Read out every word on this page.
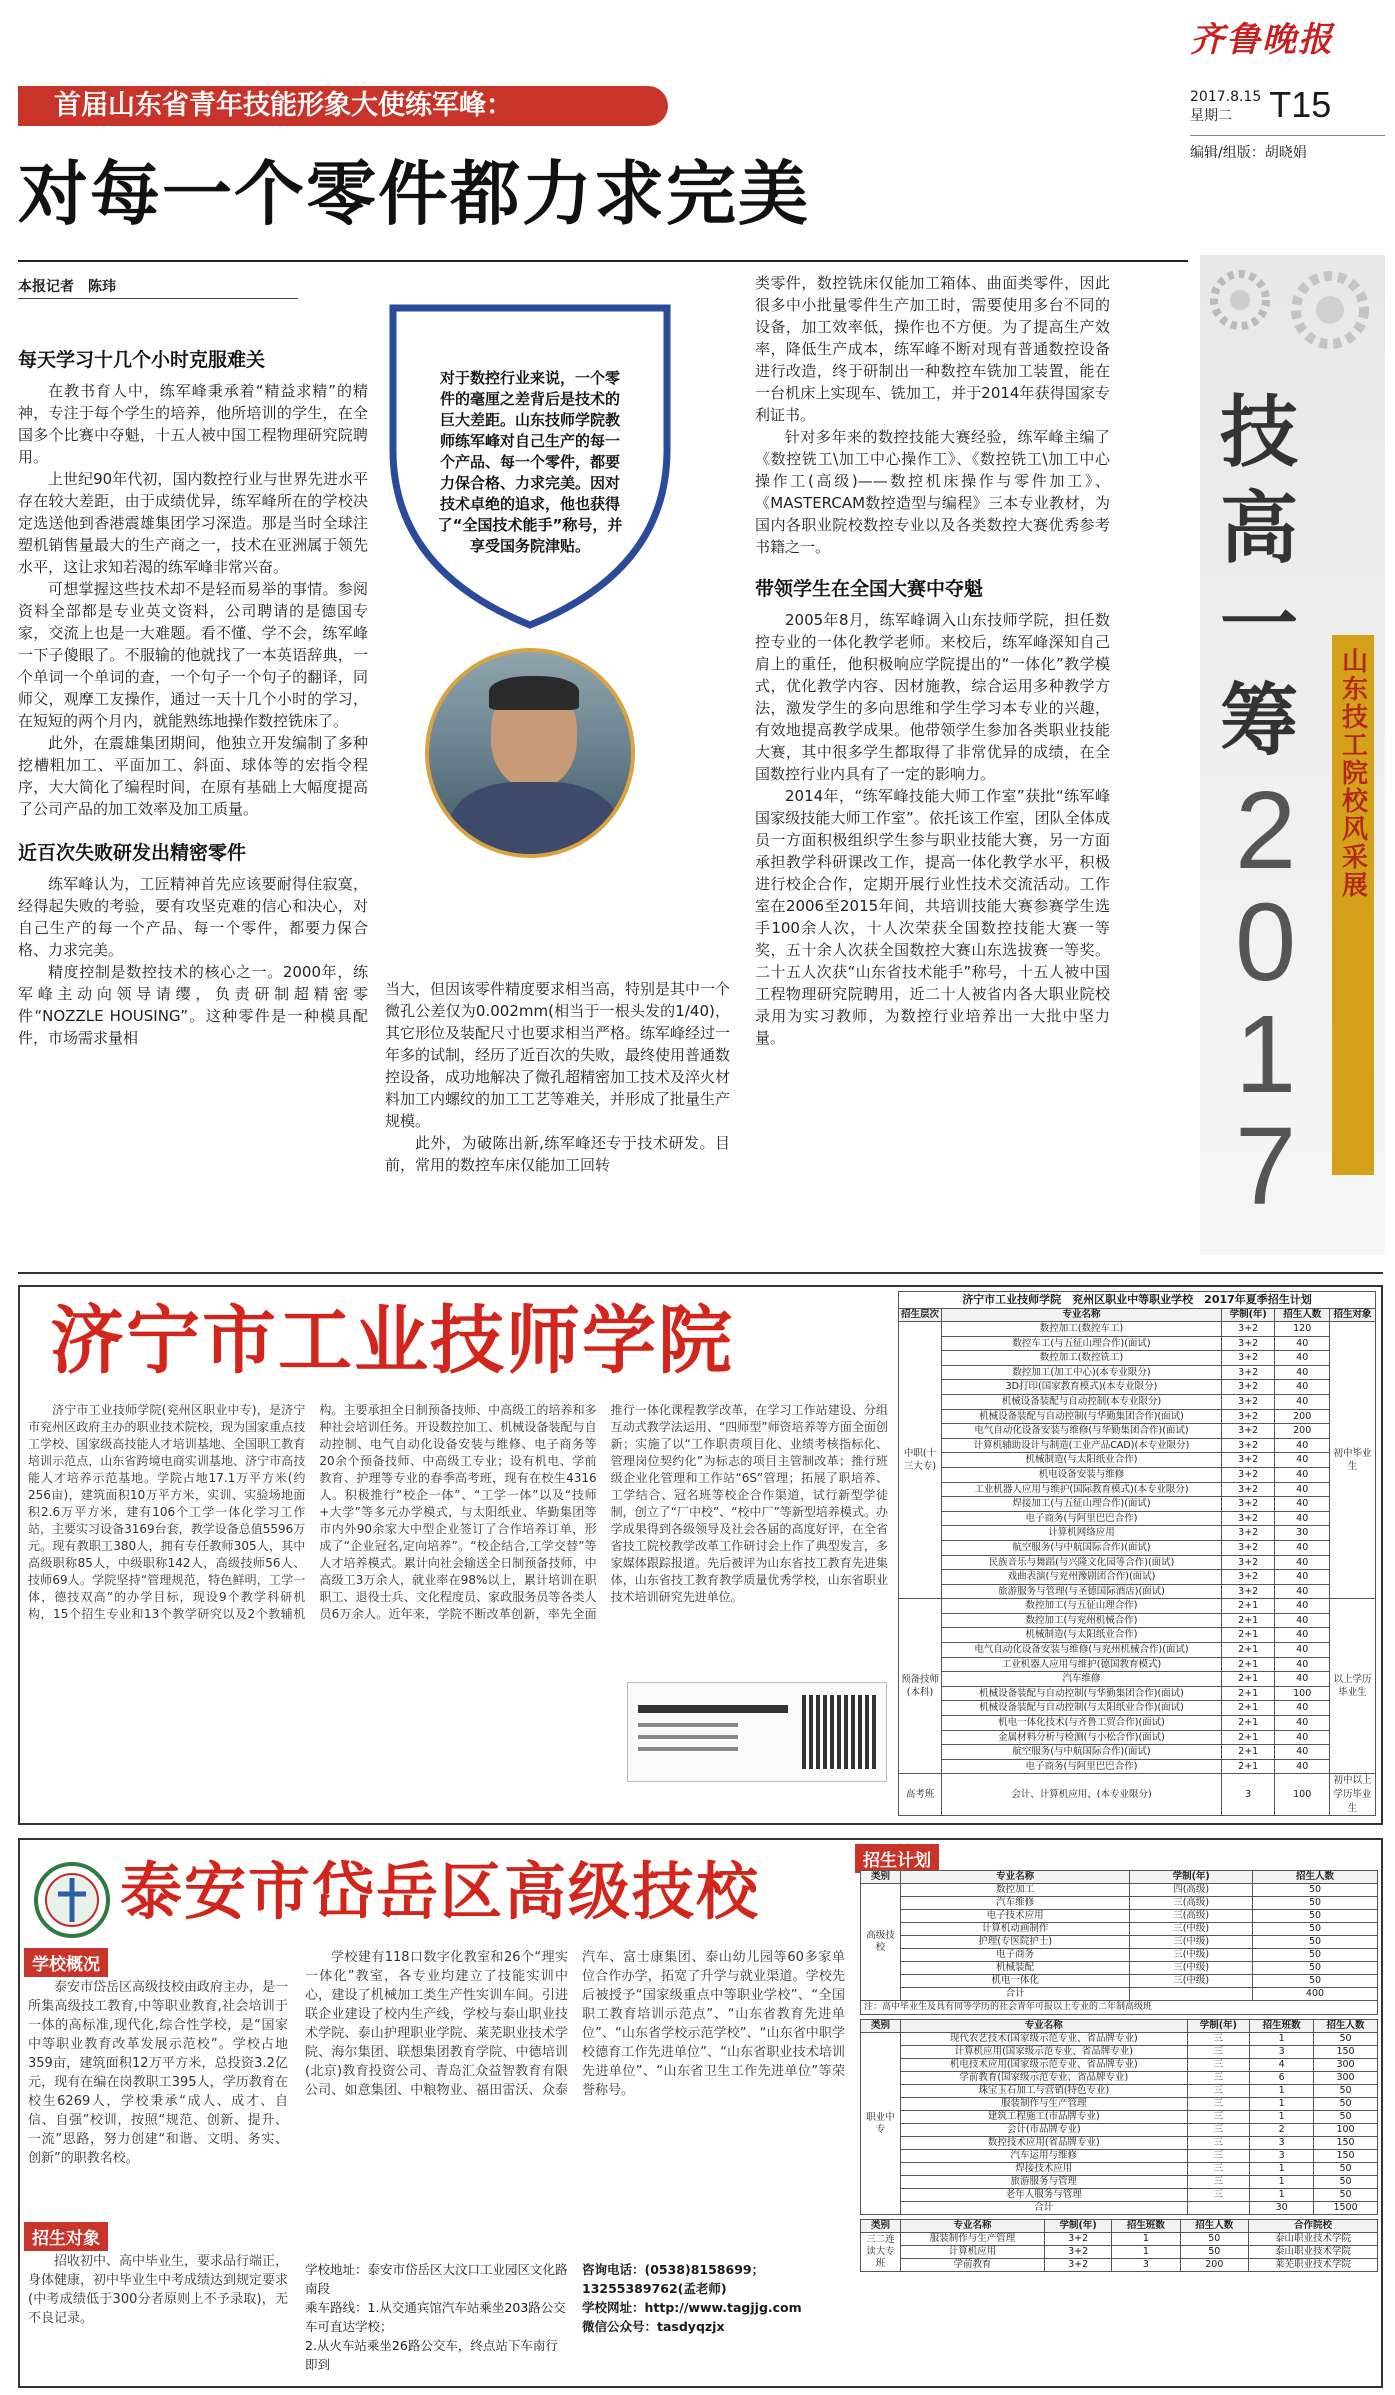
齐鲁晚报
2017.8.15
星期二	T15
编辑/组版：胡晓娟
首届山东省青年技能形象大使练军峰：
对每一个零件都力求完美
本报记者　陈玮
每天学习十几个小时克服难关

在教书育人中，练军峰秉承着“精益求精”的精神，专注于每个学生的培养，他所培训的学生，在全国多个比赛中夺魁，十五人被中国工程物理研究院聘用。

上世纪90年代初，国内数控行业与世界先进水平存在较大差距，由于成绩优异，练军峰所在的学校决定选送他到香港震雄集团学习深造。那是当时全球注塑机销售量最大的生产商之一，技术在亚洲属于领先水平，这让求知若渴的练军峰非常兴奋。

可想掌握这些技术却不是轻而易举的事情。参阅资料全部都是专业英文资料，公司聘请的是德国专家，交流上也是一大难题。看不懂、学不会，练军峰一下子傻眼了。不服输的他就找了一本英语辞典，一个单词一个单词的查，一个句子一个句子的翻译，同师父，观摩工友操作，通过一天十几个小时的学习，在短短的两个月内，就能熟练地操作数控铣床了。

此外，在震雄集团期间，他独立开发编制了多种挖槽粗加工、平面加工、斜面、球体等的宏指令程序，大大简化了编程时间，在原有基础上大幅度提高了公司产品的加工效率及加工质量。

近百次失败研发出精密零件

练军峰认为，工匠精神首先应该要耐得住寂寞，经得起失败的考验，要有攻坚克难的信心和决心，对自己生产的每一个产品、每一个零件，都要力保合格、力求完美。

精度控制是数控技术的核心之一。2000年，练军峰主动向领导请缨，负责研制超精密零件“NOZZLE HOUSING”。这种零件是一种模具配件，市场需求量相

对于数控行业来说，一个零件的毫厘之差背后是技术的巨大差距。山东技师学院教师练军峰对自己生产的每一个产品、每一个零件，都要力保合格、力求完美。因对技术卓绝的追求，他也获得了“全国技术能手”称号，并享受国务院津贴。

当大，但因该零件精度要求相当高，特别是其中一个微孔公差仅为0.002mm(相当于一根头发的1/40)，其它形位及装配尺寸也要求相当严格。练军峰经过一年多的试制，经历了近百次的失败，最终使用普通数控设备，成功地解决了微孔超精密加工技术及淬火材料加工内螺纹的加工工艺等难关，并形成了批量生产规模。

此外，为破陈出新,练军峰还专于技术研发。目前，常用的数控车床仅能加工回转

类零件，数控铣床仅能加工箱体、曲面类零件，因此很多中小批量零件生产加工时，需要使用多台不同的设备，加工效率低，操作也不方便。为了提高生产效率，降低生产成本，练军峰不断对现有普通数控设备进行改造，终于研制出一种数控车铣加工装置，能在一台机床上实现车、铣加工，并于2014年获得国家专利证书。

针对多年来的数控技能大赛经验，练军峰主编了《数控铣工\加工中心操作工》、《数控铣工\加工中心操作工(高级)——数控机床操作与零件加工》、《MASTERCAM数控造型与编程》三本专业教材，为国内各职业院校数控专业以及各类数控大赛优秀参考书籍之一。

带领学生在全国大赛中夺魁

2005年8月，练军峰调入山东技师学院，担任数控专业的一体化教学老师。来校后，练军峰深知自己肩上的重任，他积极响应学院提出的“一体化”教学模式，优化教学内容、因材施教，综合运用多种教学方法，激发学生的多向思维和学生学习本专业的兴趣，有效地提高教学成果。他带领学生参加各类职业技能大赛，其中很多学生都取得了非常优异的成绩，在全国数控行业内具有了一定的影响力。

2014年，“练军峰技能大师工作室”获批“练军峰国家级技能大师工作室”。依托该工作室，团队全体成员一方面积极组织学生参与职业技能大赛，另一方面承担教学科研课改工作，提高一体化教学水平，积极进行校企合作，定期开展行业性技术交流活动。工作室在2006至2015年间，共培训技能大赛参赛学生选手100余人次，十人次荣获全国数控技能大赛一等奖，五十余人次获全国数控大赛山东选拔赛一等奖。二十五人次获“山东省技术能手”称号，十五人被中国工程物理研究院聘用，近二十人被省内各大职业院校录用为实习教师，为数控行业培养出一大批中坚力量。

技高一筹
2017
山东技工院校风采展
济宁市工业技师学院

济宁市工业技师学院(兖州区职业中专)，是济宁市兖州区政府主办的职业技术院校，现为国家重点技工学校、国家级高技能人才培训基地、全国职工教育培训示范点，山东省跨境电商实训基地、济宁市高技能人才培养示范基地。学院占地17.1万平方米(约256亩)，建筑面积10万平方米，实训、实验场地面积2.6万平方米，建有106个工学一体化学习工作站，主要实习设备3169台套，教学设备总值5596万元。现有教职工380人，拥有专任教师305人，其中高级职称85人，中级职称142人，高级技师56人、技师69人。学院坚持“管理规范，特色鲜明，工学一体，德技双高”的办学目标，现设9个教学科研机构，15个招生专业和13个教学研究以及2个教辅机构。主要承担全日制预备技师、中高级工的培养和多种社会培训任务。开设数控加工、机械设备装配与自动控制、电气自动化设备安装与维修、电子商务等20余个预备技师、中高级工专业；设有机电、学前教育、护理等专业的春季高考班，现有在校生4316人。积极推行“校企一体”、“工学一体”以及“技师+大学”等多元办学模式，与太阳纸业、华勤集团等市内外90余家大中型企业签订了合作培养订单，形成了“企业冠名,定向培养”。“校企结合,工学交替”等人才培养模式。累计向社会输送全日制预备技师，中高级工3万余人，就业率在98%以上，累计培训在职职工、退役士兵、文化程度员、家政服务员等各类人员6万余人。近年来，学院不断改革创新，率先全面推行一体化课程教学改革，在学习工作站建设、分组互动式教学法运用、“四师型”师资培养等方面全面创新；实施了以“工作职责项目化、业绩考核指标化、管理岗位契约化”为标志的项目主管制改革；推行班级企业化管理和工作站“6S”管理；拓展了职培养、工学结合、冠名班等校企合作渠道，试行新型学徒制，创立了“厂中校”、“校中厂”等新型培养模式。办学成果得到各级领导及社会各届的高度好评，在全省省技工院校教学改革工作研讨会上作了典型发言，多家媒体跟踪报道。先后被评为山东省技工教育先进集体，山东省技工教育教学质量优秀学校，山东省职业技术培训研究先进单位。

济宁市工业技师学院　兖州区职业中等职业学校　2017年夏季招生计划
招生层次	专业名称	学制(年)	招生人数	招生对象
中职(十三大专)	数控加工(数控车工)	3+2	120	初中毕业生
	数控车工(与五征山理合作)(面试)	3+2	40	
	数控加工(数控铣工)	3+2	40	
	数控加工(加工中心)(本专业限分)	3+2	40	
	3D打印(国家教育模式)(本专业限分)	3+2	40	
	机械设备装配与自动控制(本专业限分)	3+2	40	
	机械设备装配与自动控制(与华勤集团合作)(面试)	3+2	200	
	电气自动化设备安装与维修(与华勤集团合作)(面试)	3+2	200	
	计算机辅助设计与制造(工业产品CAD)(本专业限分)	3+2	40	
	机械制造(与太阳纸业合作)	3+2	40	
	机电设备安装与维修	3+2	40	
	工业机器人应用与维护(国际教育模式)(本专业限分)	3+2	40	
	焊接加工(与五征山理合作)(面试)	3+2	40	
	电子商务(与阿里巴巴合作)	3+2	40	
	计算机网络应用	3+2	30	
	航空服务(与中航国际合作)(面试)	3+2	40	
	民族音乐与舞蹈(与兴隆文化园等合作)(面试)	3+2	40	
	戏曲表演(与兖州豫剧团合作)(面试)	3+2	40	
	旅游服务与管理(与圣德国际酒店)(面试)	3+2	40	
预备技师(本科)	数控加工(与五征山理合作)	2+1	40	以上学历毕业生
	数控加工(与兖州机械合作)	2+1	40	
	机械制造(与太阳纸业合作)	2+1	40	
	电气自动化设备安装与维修(与兖州机械合作)(面试)	2+1	40	
	工业机器人应用与维护(德国教育模式)	2+1	40	
	汽车维修	2+1	40	
	机械设备装配与自动控制(与华勤集团合作)(面试)	2+1	100	
	机械设备装配与自动控制(与太阳纸业合作)(面试)	2+1	40	
	机电一体化技术(与齐鲁工贸合作)(面试)	2+1	40	
	金属材料分析与检测(与小松合作)(面试)	2+1	40	
	航空服务(与中航国际合作)(面试)	2+1	40	
	电子商务(与阿里巴巴合作)	2+1	40	
高考班	会计、计算机应用、(本专业限分)	3	100	初中以上学历毕业生
泰安市岱岳区高级技校
学校概况

泰安市岱岳区高级技校由政府主办，是一所集高级技工教育,中等职业教育,社会培训于一体的高标准,现代化,综合性学校，是“国家中等职业教育改革发展示范校”。学校占地359亩，建筑面积12万平方米，总投资3.2亿元，现有在编在岗教职工395人，学历教育在校生6269人，学校秉承“成人、成才、自信、自强”校训，按照“规范、创新、提升、一流”思路，努力创建“和谐、文明、务实、创新”的职教名校。

招生对象

招收初中、高中毕业生，要求品行端正，身体健康，初中毕业生中考成绩达到规定要求(中考成绩低于300分者原则上不予录取)，无不良记录。

学校建有118口数字化教室和26个“理实一体化”教室，各专业均建立了技能实训中心，建设了机械加工类生产性实训车间。引进联企业建设了校内生产线，学校与泰山职业技术学院、泰山护理职业学院、莱芜职业技术学院、海尔集团、联想集团教育学院、中德培训(北京)教育投资公司、青岛汇众益智教育有限公司、如意集团、中粮物业、福田雷沃、众泰汽车、富士康集团、泰山幼儿园等60多家单位合作办学，拓宽了升学与就业渠道。学校先后被授予“国家级重点中等职业学校”、“全国职工教育培训示范点”、“山东省教育先进单位”、“山东省学校示范学校”、“山东省中职学校德育工作先进单位”、“山东省职业技术培训先进单位”、“山东省卫生工作先进单位”等荣誉称号。

学校地址：泰安市岱岳区大汶口工业园区文化路南段
乘车路线：1.从交通宾馆汽车站乘坐203路公交车可直达学校；
2.从火车站乘坐26路公交车，终点站下车南行即到
咨询电话：(0538)8158699；13255389762(孟老师)
学校网址：http://www.tagjjg.com
微信公众号：tasdyqzjx
招生计划
类别	专业名称	学制(年)	招生人数
高级技校	数控加工	四(高级)	50
	汽车维修	三(高级)	50
	电子技术应用	三(高级)	50
	计算机动画制作	三(中级)	50
	护理(专医院护士)	三(中级)	50
	电子商务	三(中级)	50
	机械装配	三(中级)	50
	机电一体化	三(中级)	50
	合计		400
注：高中毕业生及具有同等学历的社会青年可报以上专业的二年制高级班
类别	专业名称	学制(年)	招生班数	招生人数
职业中专	现代农艺技术(国家级示范专业、省品牌专业)	三	1	50
	计算机应用(国家级示范专业、省品牌专业)	三	3	150
	机电技术应用(国家级示范专业、省品牌专业)	三	4	300
	学前教育(国家级示范专业、省品牌专业)	三	6	300
	珠宝玉石加工与营销(特色专业)	三	1	50
	服装制作与生产管理	三	1	50
	建筑工程施工(市品牌专业)	三	1	50
	会计(市品牌专业)	三	2	100
	数控技术应用(省品牌专业)	三	3	150
	汽车运用与维修	三	3	150
	焊接技术应用	三	1	50
	旅游服务与管理	三	1	50
	老年人服务与管理	三	1	50
	合计		30	1500
类别	专业名称	学制(年)	招生班数	招生人数	合作院校
三二连读大专班	服装制作与生产管理	3+2	1	50	泰山职业技术学院
	计算机应用	3+2	1	50	泰山职业技术学院
	学前教育	3+2	3	200	莱芜职业技术学院
